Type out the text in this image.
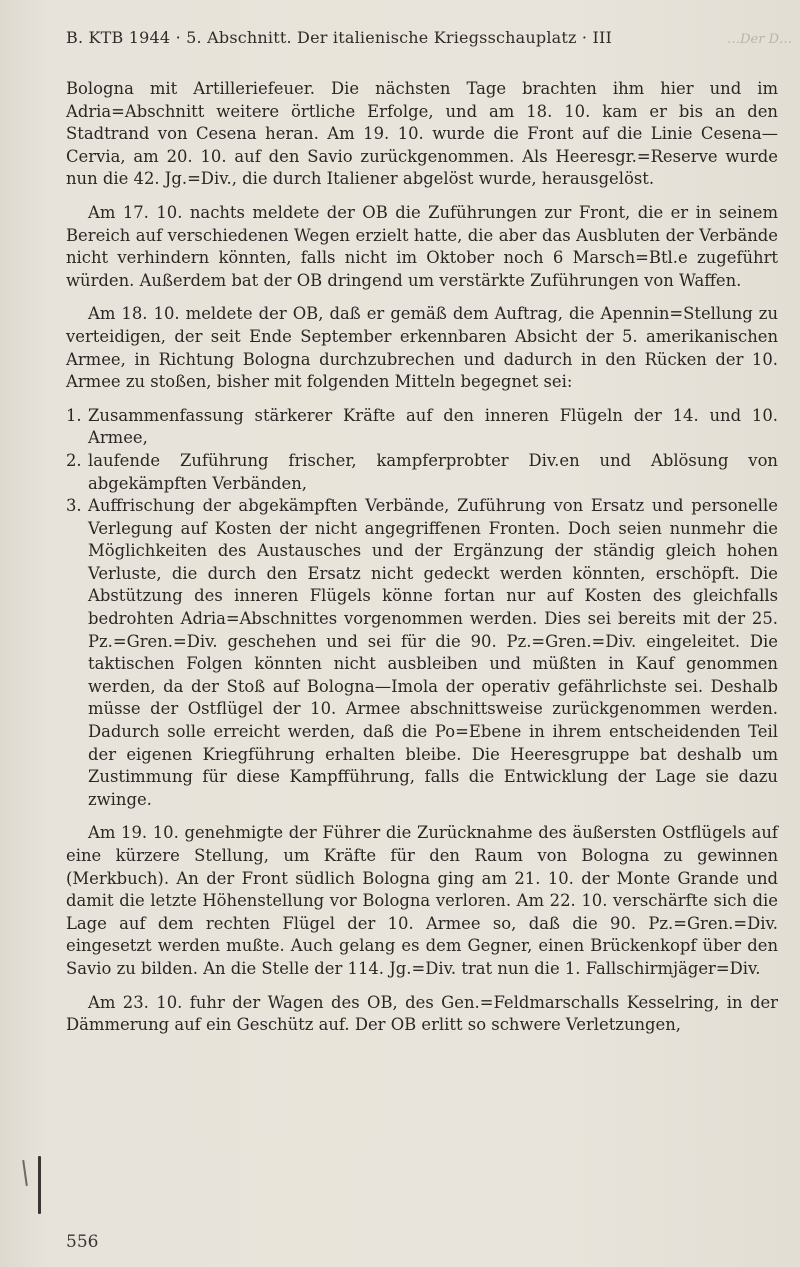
B. KTB 1944 · 5. Abschnitt. Der italienische Kriegsschauplatz · III	…Der D…

Bologna mit Artilleriefeuer. Die nächsten Tage brachten ihm hier und im Adria=Abschnitt weitere örtliche Erfolge, und am 18. 10. kam er bis an den Stadtrand von Cesena heran. Am 19. 10. wurde die Front auf die Linie Cesena—Cervia, am 20. 10. auf den Savio zurückgenommen. Als Heeresgr.=Reserve wurde nun die 42. Jg.=Div., die durch Italiener abgelöst wurde, herausgelöst.

Am 17. 10. nachts meldete der OB die Zuführungen zur Front, die er in seinem Bereich auf verschiedenen Wegen erzielt hatte, die aber das Ausbluten der Verbände nicht verhindern könnten, falls nicht im Oktober noch 6 Marsch=Btl.e zugeführt würden. Außerdem bat der OB dringend um verstärkte Zuführungen von Waffen.

Am 18. 10. meldete der OB, daß er gemäß dem Auftrag, die Apennin=Stellung zu verteidigen, der seit Ende September erkennbaren Absicht der 5. amerikanischen Armee, in Richtung Bologna durchzubrechen und dadurch in den Rücken der 10. Armee zu stoßen, bisher mit folgenden Mitteln begegnet sei:

1. Zusammenfassung stärkerer Kräfte auf den inneren Flügeln der 14. und 10. Armee,
2. laufende Zuführung frischer, kampferprobter Div.en und Ablösung von abgekämpften Verbänden,
3. Auffrischung der abgekämpften Verbände, Zuführung von Ersatz und personelle Verlegung auf Kosten der nicht angegriffenen Fronten. Doch seien nunmehr die Möglichkeiten des Austausches und der Ergänzung der ständig gleich hohen Verluste, die durch den Ersatz nicht gedeckt werden könnten, erschöpft. Die Abstützung des inneren Flügels könne fortan nur auf Kosten des gleichfalls bedrohten Adria=Abschnittes vorgenommen werden. Dies sei bereits mit der 25. Pz.=Gren.=Div. geschehen und sei für die 90. Pz.=Gren.=Div. eingeleitet. Die taktischen Folgen könnten nicht ausbleiben und müßten in Kauf genommen werden, da der Stoß auf Bologna—Imola der operativ gefährlichste sei. Deshalb müsse der Ostflügel der 10. Armee abschnittsweise zurückgenommen werden. Dadurch solle erreicht werden, daß die Po=Ebene in ihrem entscheidenden Teil der eigenen Kriegführung erhalten bleibe. Die Heeresgruppe bat deshalb um Zustimmung für diese Kampfführung, falls die Entwicklung der Lage sie dazu zwinge.

Am 19. 10. genehmigte der Führer die Zurücknahme des äußersten Ostflügels auf eine kürzere Stellung, um Kräfte für den Raum von Bologna zu gewinnen (Merkbuch). An der Front südlich Bologna ging am 21. 10. der Monte Grande und damit die letzte Höhenstellung vor Bologna verloren. Am 22. 10. verschärfte sich die Lage auf dem rechten Flügel der 10. Armee so, daß die 90. Pz.=Gren.=Div. eingesetzt werden mußte. Auch gelang es dem Gegner, einen Brückenkopf über den Savio zu bilden. An die Stelle der 114. Jg.=Div. trat nun die 1. Fallschirmjäger=Div.

Am 23. 10. fuhr der Wagen des OB, des Gen.=Feldmarschalls Kesselring, in der Dämmerung auf ein Geschütz auf. Der OB erlitt so schwere Verletzungen,

556
